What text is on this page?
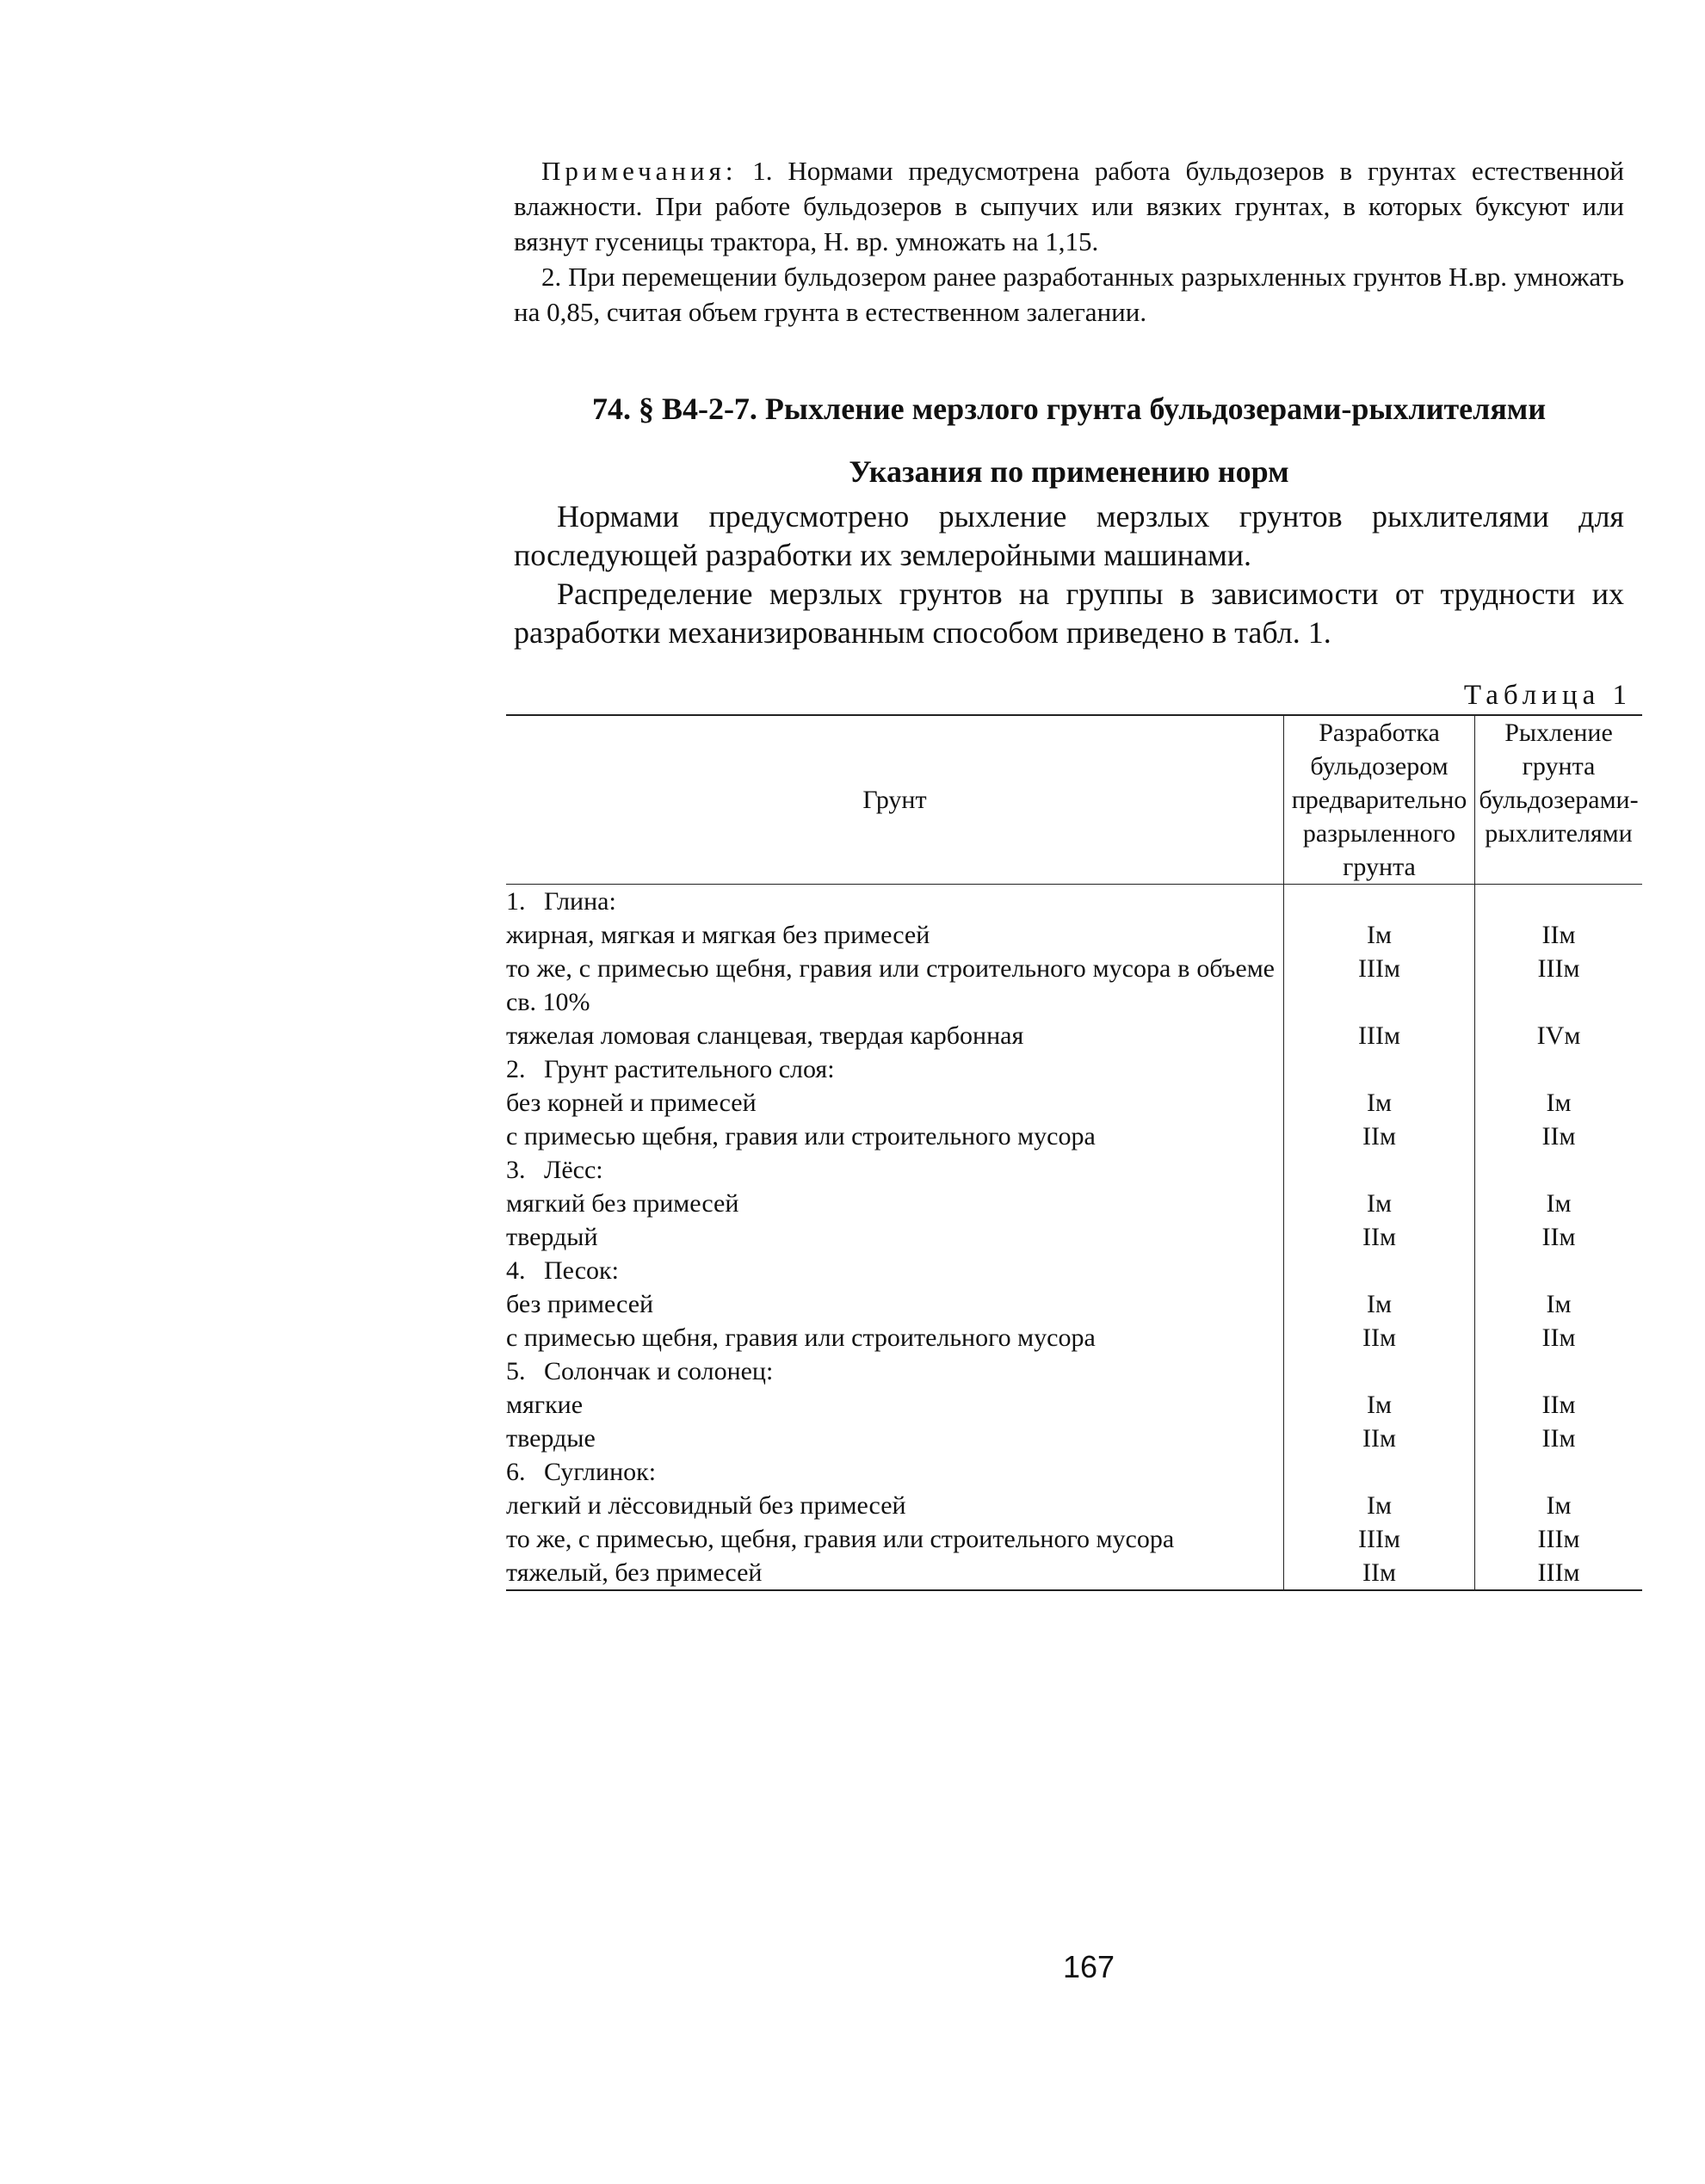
Примечания: 1. Нормами предусмотрена работа бульдозеров в грунтах естественной влажности. При работе бульдозеров в сыпучих или вязких грунтах, в которых буксуют или вязнут гусеницы трактора, Н. вр. умножать на 1,15.

2. При перемещении бульдозером ранее разработанных разрыхленных грунтов Н.вр. умножать на 0,85, считая объем грунта в естественном залегании.

74. § В4-2-7. Рыхление мерзлого грунта бульдозерами-рыхлителями
Указания по применению норм

Нормами предусмотрено рыхление мерзлых грунтов рыхлителями для последующей разработки их землеройными машинами.

Распределение мерзлых грунтов на группы в зависимости от трудности их разработки механизированным способом приведено в табл. 1.

Таблица 1
Грунт	Разработка бульдозером предварительно разрыленного грунта	Рыхление грунта бульдозерами-рыхлителями
1. Глина:		
жирная, мягкая и мягкая без примесей	Iм	IIм
то же, с примесью щебня, гравия или строительного мусора в объеме св. 10%	IIIм	IIIм
тяжелая ломовая сланцевая, твердая карбонная	IIIм	IVм
2. Грунт растительного слоя:		
без корней и примесей	Iм	Iм
с примесью щебня, гравия или строительного мусора	IIм	IIм
3. Лёсс:		
мягкий без примесей	Iм	Iм
твердый	IIм	IIм
4. Песок:		
без примесей	Iм	Iм
с примесью щебня, гравия или строительного мусора	IIм	IIм
5. Солончак и солонец:		
мягкие	Iм	IIм
твердые	IIм	IIм
6. Суглинок:		
легкий и лёссовидный без примесей	Iм	Iм
то же, с примесью, щебня, гравия или строительного мусора	IIIм	IIIм
тяжелый, без примесей	IIм	IIIм
167
